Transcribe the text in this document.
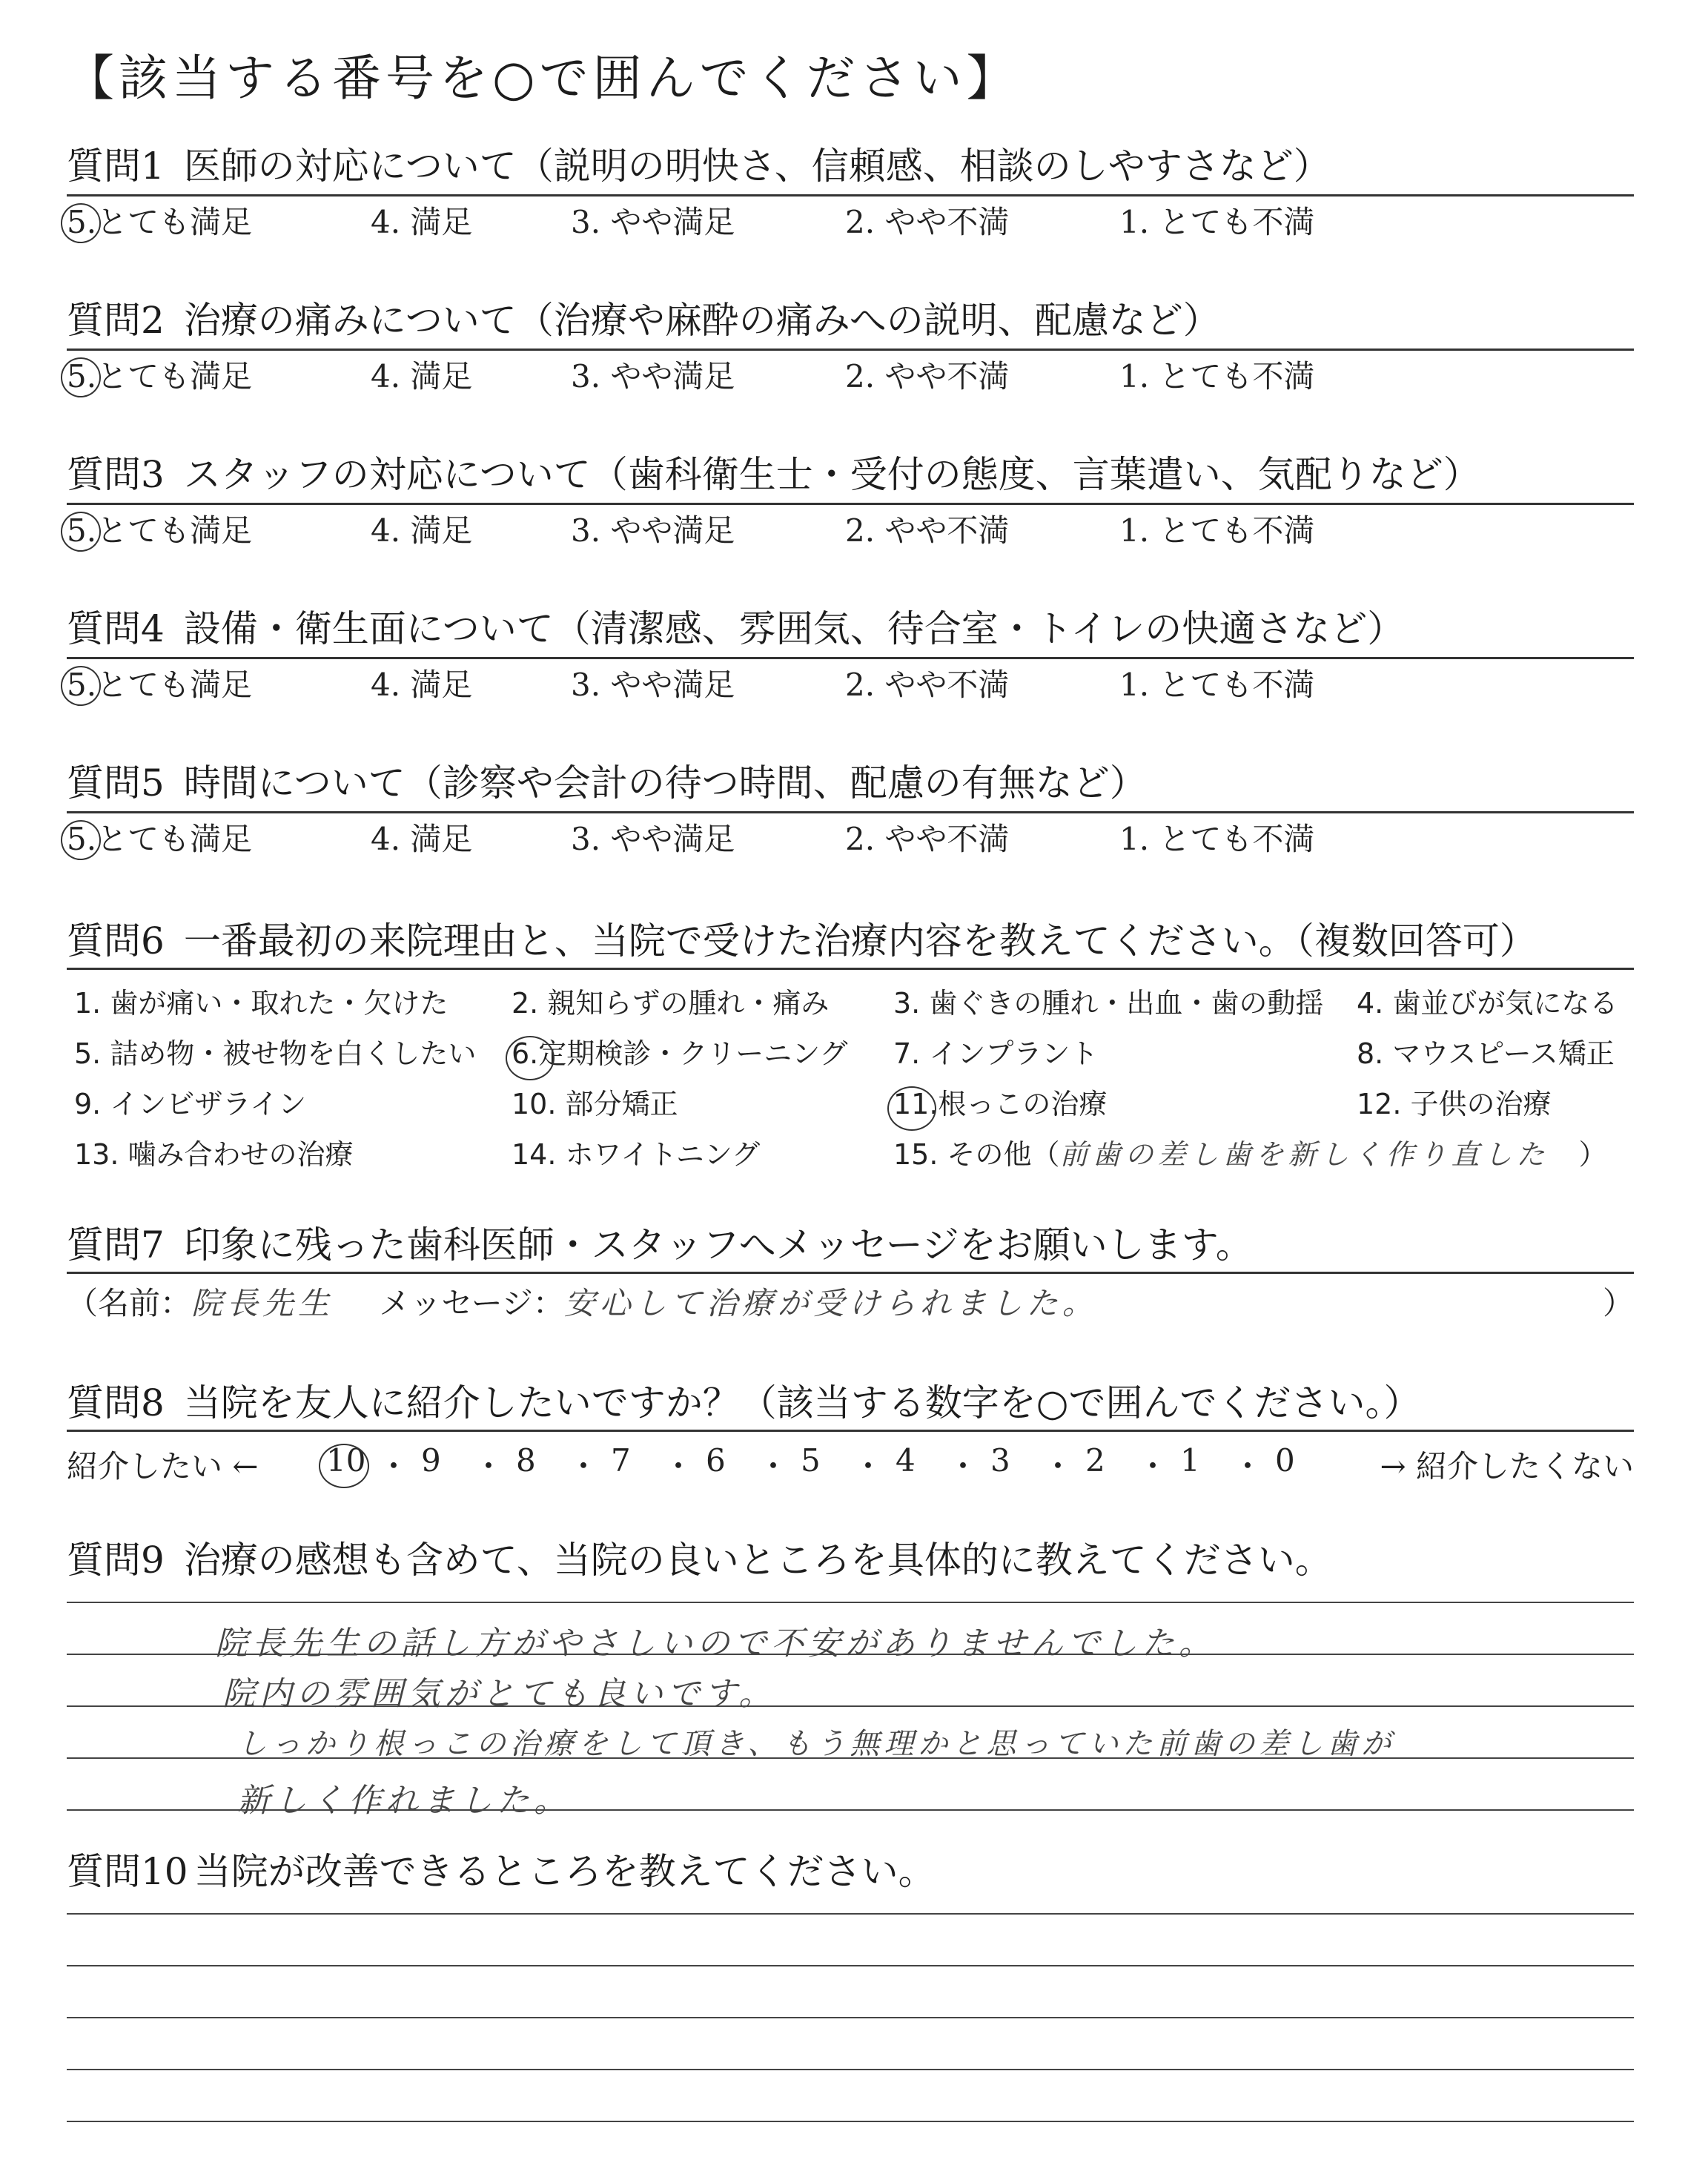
【該当する番号を○で囲んでください】
質問1 医師の対応について（説明の明快さ、信頼感、相談のしやすさなど）
5.とても満足	4. 満足	3. やや満足	2. やや不満	1. とても不満
質問2 治療の痛みについて（治療や麻酔の痛みへの説明、配慮など）
5.とても満足	4. 満足	3. やや満足	2. やや不満	1. とても不満
質問3 スタッフの対応について（歯科衛生士・受付の態度、言葉遣い、気配りなど）
5.とても満足	4. 満足	3. やや満足	2. やや不満	1. とても不満
質問4 設備・衛生面について（清潔感、雰囲気、待合室・トイレの快適さなど）
5.とても満足	4. 満足	3. やや満足	2. やや不満	1. とても不満
質問5 時間について（診察や会計の待つ時間、配慮の有無など）
5.とても満足	4. 満足	3. やや満足	2. やや不満	1. とても不満
質問6 一番最初の来院理由と、当院で受けた治療内容を教えてください。（複数回答可）
1. 歯が痛い・取れた・欠けた 2. 親知らずの腫れ・痛み 3. 歯ぐきの腫れ・出血・歯の動揺 4. 歯並びが気になる
5. 詰め物・被せ物を白くしたい 6.定期検診・クリーニング 7. インプラント	8. マウスピース矯正
9. インビザライン	10. 部分矯正	11.根っこの治療	12. 子供の治療
13. 噛み合わせの治療	14. ホワイトニング	15. その他（前歯の差し歯を新しく作り直した ）
質問7 印象に残った歯科医師・スタッフへメッセージをお願いします。
（名前：院長先生 メッセージ：安心して治療が受けられました。	）
質問8 当院を友人に紹介したいですか？（該当する数字を○で囲んでください。）
紹介したい ←	→ 紹介したくない
10 ・ 9 ・ 8 ・ 7 ・ 6 ・ 5 ・ 4 ・ 3 ・ 2 ・ 1 ・ 0
質問9 治療の感想も含めて、当院の良いところを具体的に教えてください。
院長先生の話し方がやさしいので不安がありませんでした。
院内の雰囲気がとても良いです。
しっかり根っこの治療をして頂き、もう無理かと思っていた前歯の差し歯が
新しく作れました。
質問10 当院が改善できるところを教えてください。
